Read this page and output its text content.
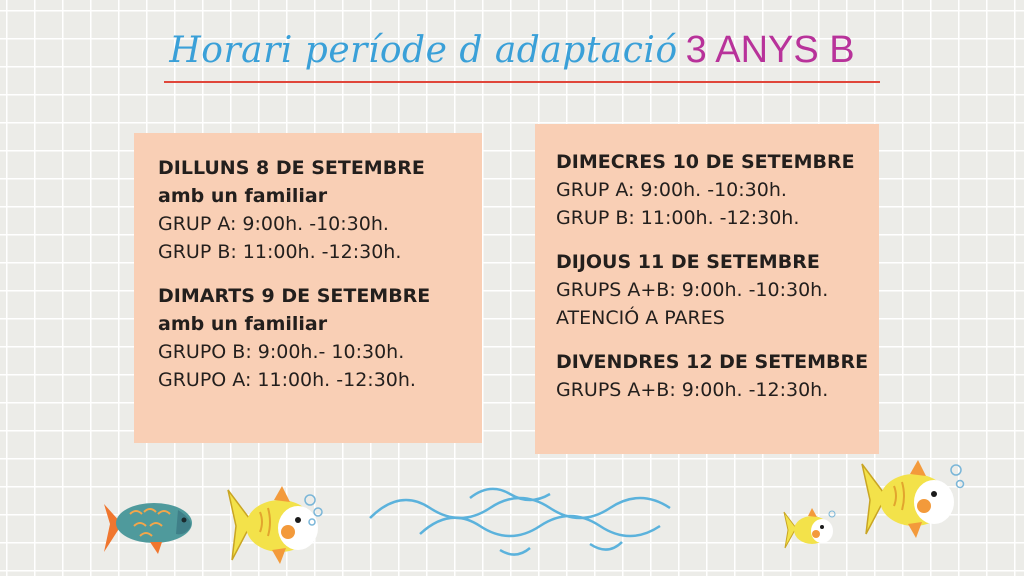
Horari període d adaptació 3 ANYS B
DILLUNS 8 DE SETEMBRE
amb un familiar
GRUP A: 9:00h. -10:30h.
GRUP B: 11:00h. -12:30h.
DIMARTS 9 DE SETEMBRE
amb un familiar
GRUPO B: 9:00h.- 10:30h.
GRUPO A: 11:00h. -12:30h.
DIMECRES 10 DE SETEMBRE
GRUP A: 9:00h. -10:30h.
GRUP B: 11:00h. -12:30h.
DIJOUS 11 DE SETEMBRE
GRUPS A+B: 9:00h. -10:30h.
ATENCIÓ A PARES
DIVENDRES 12 DE SETEMBRE
GRUPS A+B: 9:00h. -12:30h.
